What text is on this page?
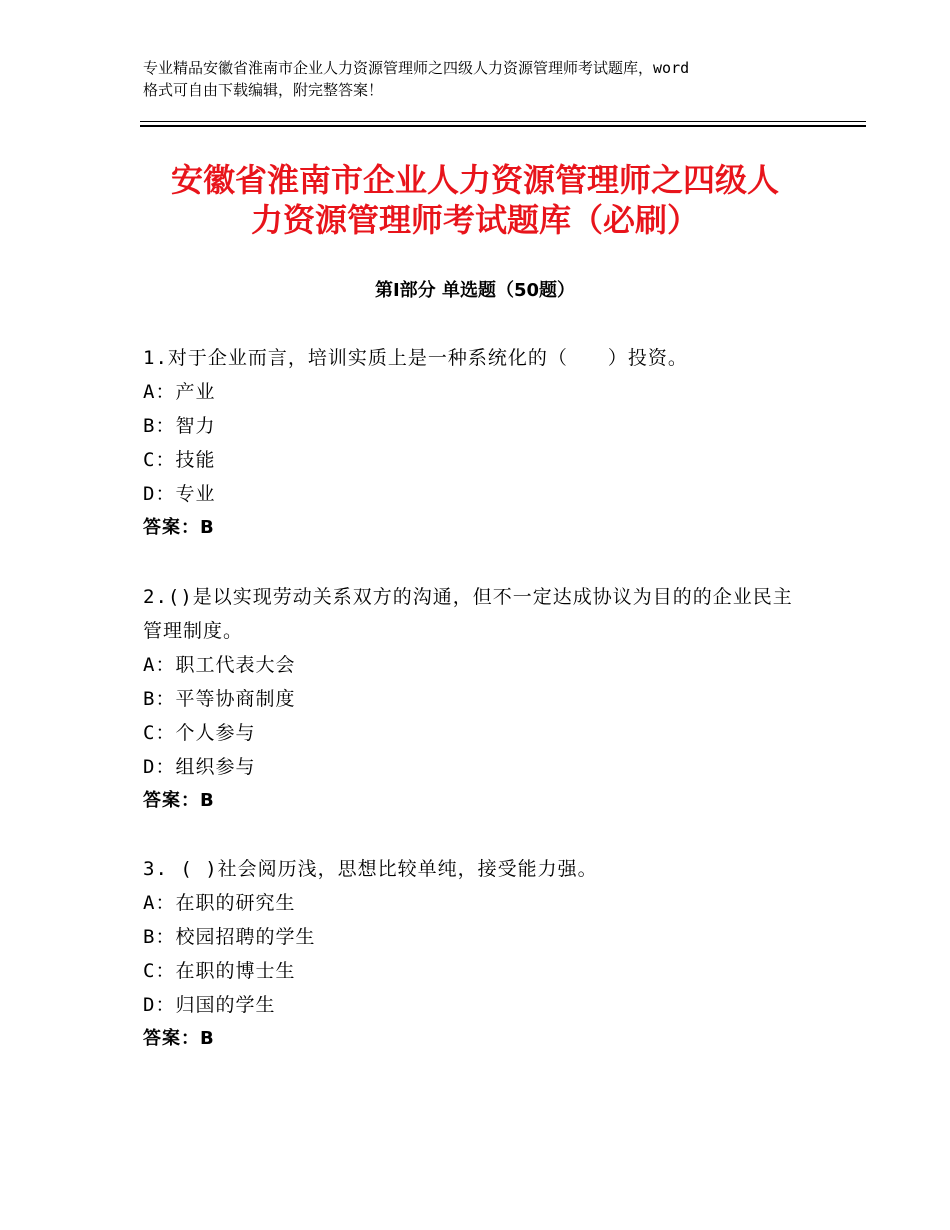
专业精品安徽省淮南市企业人力资源管理师之四级人力资源管理师考试题库，word
格式可自由下载编辑，附完整答案！
安徽省淮南市企业人力资源管理师之四级人
力资源管理师考试题库（必刷）
第Ⅰ部分 单选题（50题）
1.对于企业而言，培训实质上是一种系统化的（　　）投资。
A：产业
B：智力
C：技能
D：专业
答案：B
2.()是以实现劳动关系双方的沟通，但不一定达成协议为目的的企业民主管理制度。
A：职工代表大会
B：平等协商制度
C：个人参与
D：组织参与
答案：B
3. ( )社会阅历浅，思想比较单纯，接受能力强。
A：在职的研究生
B：校园招聘的学生
C：在职的博士生
D：归国的学生
答案：B
